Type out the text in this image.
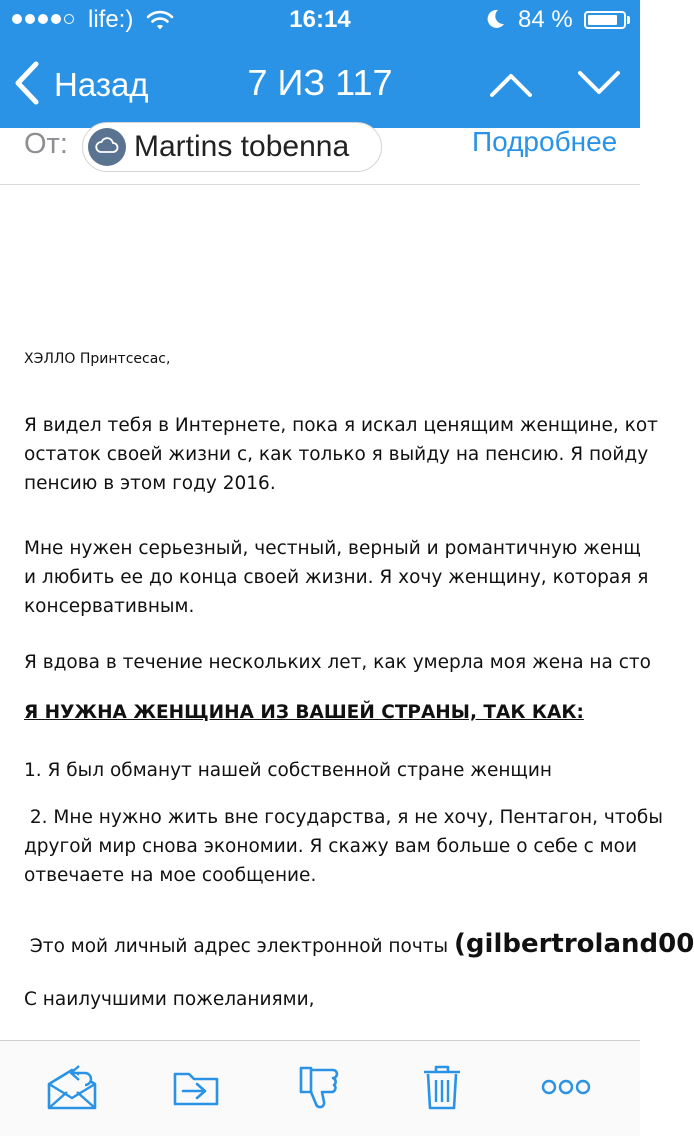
life:)	16:14	84 %
Назад	7 ИЗ 117
От: Martins tobenna	Подробнее

ХЭЛЛО Принтсесас,

Я видел тебя в Интернете, пока я искал ценящим женщине, кот

остаток своей жизни с, как только я выйду на пенсию. Я пойду

пенсию в этом году 2016.

Мне нужен серьезный, честный, верный и романтичную женщ

и любить ее до конца своей жизни. Я хочу женщину, которая я

консервативным.

Я вдова в течение нескольких лет, как умерла моя жена на сто

Я НУЖНА ЖЕНЩИНА ИЗ ВАШЕЙ СТРАНЫ, ТАК КАК:

1. Я был обманут нашей собственной стране женщин

2. Мне нужно жить вне государства, я не хочу, Пентагон, чтобы

другой мир снова экономии. Я скажу вам больше о себе с мои

отвечаете на мое сообщение.

Это мой личный адрес электронной почты (gilbertroland00

С наилучшими пожеланиями,
